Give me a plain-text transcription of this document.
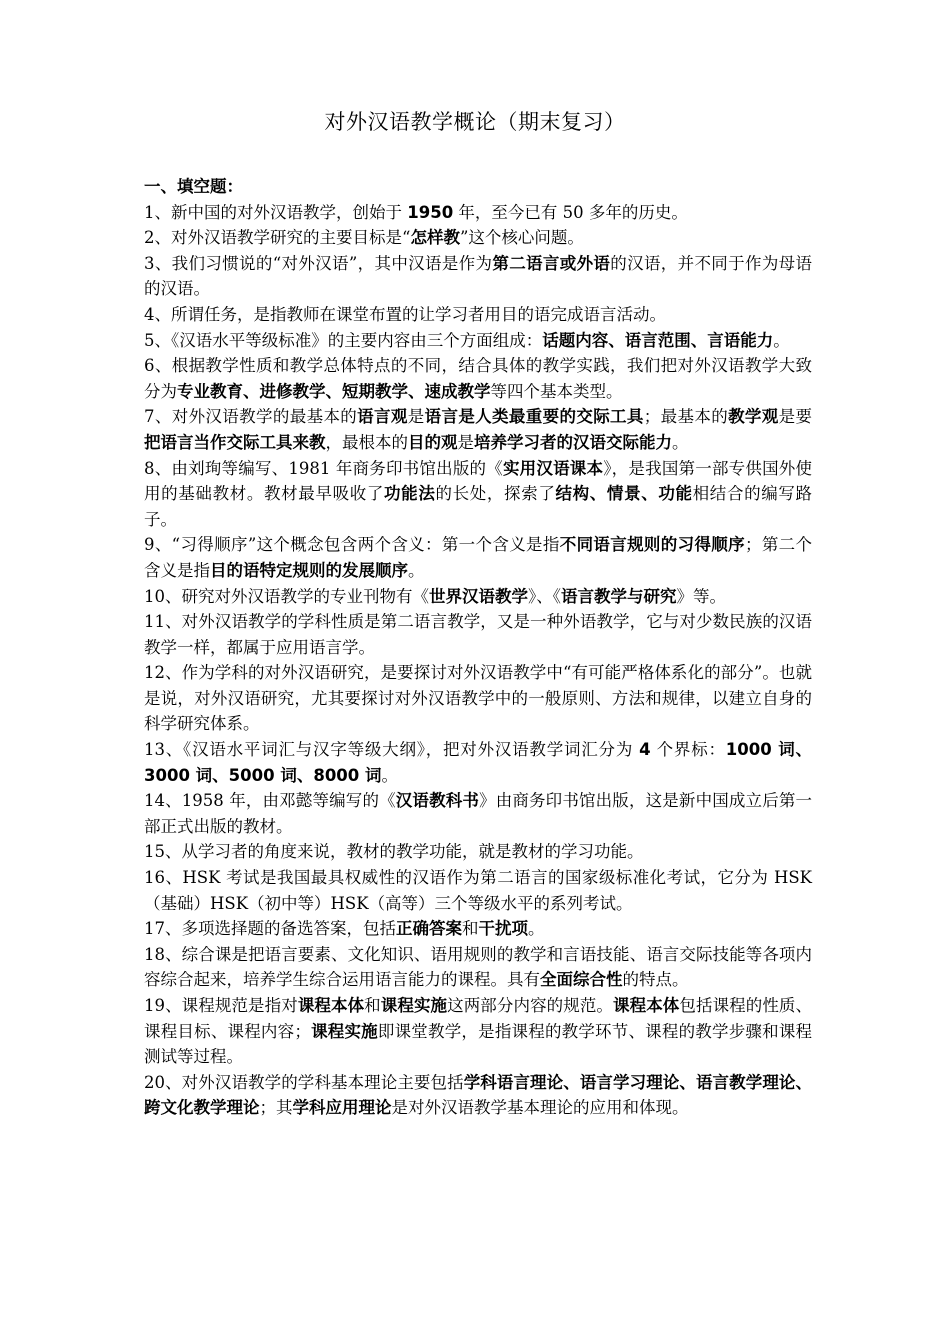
对外汉语教学概论（期末复习）

一、填空题：

1、新中国的对外汉语教学，创始于 1950 年，至今已有 50 多年的历史。

2、对外汉语教学研究的主要目标是“怎样教”这个核心问题。

3、我们习惯说的“对外汉语”，其中汉语是作为第二语言或外语的汉语，并不同于作为母语的汉语。

4、所谓任务，是指教师在课堂布置的让学习者用目的语完成语言活动。

5、《汉语水平等级标准》的主要内容由三个方面组成：话题内容、语言范围、言语能力。

6、根据教学性质和教学总体特点的不同，结合具体的教学实践，我们把对外汉语教学大致分为专业教育、进修教学、短期教学、速成教学等四个基本类型。

7、对外汉语教学的最基本的语言观是语言是人类最重要的交际工具；最基本的教学观是要把语言当作交际工具来教，最根本的目的观是培养学习者的汉语交际能力。

8、由刘珣等编写、1981 年商务印书馆出版的《实用汉语课本》，是我国第一部专供国外使用的基础教材。教材最早吸收了功能法的长处，探索了结构、情景、功能相结合的编写路子。

9、“习得顺序”这个概念包含两个含义：第一个含义是指不同语言规则的习得顺序；第二个含义是指目的语特定规则的发展顺序。

10、研究对外汉语教学的专业刊物有《世界汉语教学》、《语言教学与研究》等。

11、对外汉语教学的学科性质是第二语言教学，又是一种外语教学，它与对少数民族的汉语教学一样，都属于应用语言学。

12、作为学科的对外汉语研究，是要探讨对外汉语教学中“有可能严格体系化的部分”。也就是说，对外汉语研究，尤其要探讨对外汉语教学中的一般原则、方法和规律，以建立自身的科学研究体系。

13、《汉语水平词汇与汉字等级大纲》，把对外汉语教学词汇分为 4 个界标：1000 词、3000 词、5000 词、8000 词。

14、1958 年，由邓懿等编写的《汉语教科书》由商务印书馆出版，这是新中国成立后第一部正式出版的教材。

15、从学习者的角度来说，教材的教学功能，就是教材的学习功能。

16、HSK 考试是我国最具权威性的汉语作为第二语言的国家级标准化考试，它分为 HSK（基础）HSK（初中等）HSK（高等）三个等级水平的系列考试。

17、多项选择题的备选答案，包括正确答案和干扰项。

18、综合课是把语言要素、文化知识、语用规则的教学和言语技能、语言交际技能等各项内容综合起来，培养学生综合运用语言能力的课程。具有全面综合性的特点。

19、课程规范是指对课程本体和课程实施这两部分内容的规范。课程本体包括课程的性质、课程目标、课程内容；课程实施即课堂教学，是指课程的教学环节、课程的教学步骤和课程测试等过程。

20、对外汉语教学的学科基本理论主要包括学科语言理论、语言学习理论、语言教学理论、跨文化教学理论；其学科应用理论是对外汉语教学基本理论的应用和体现。
